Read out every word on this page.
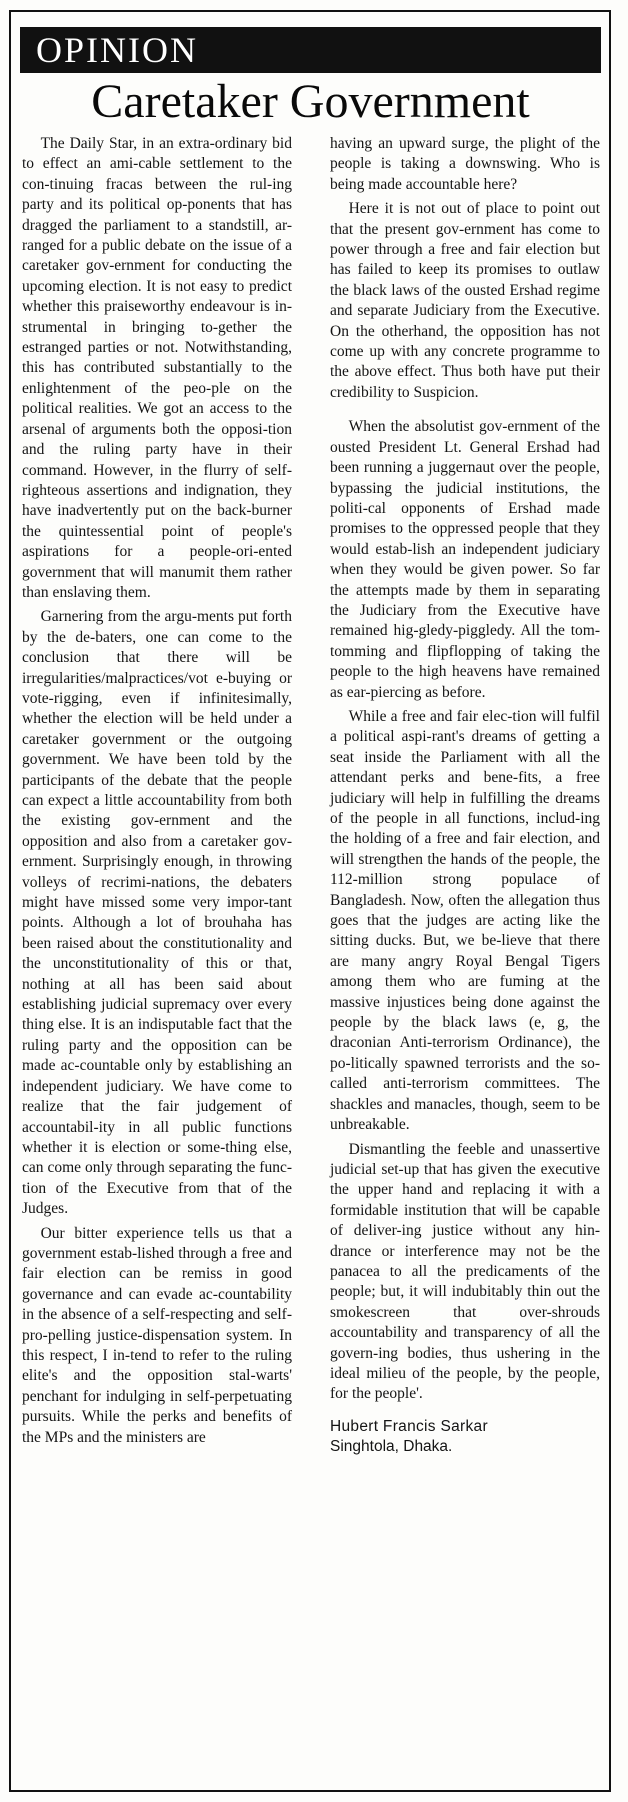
OPINION
Caretaker Government

The Daily Star, in an extra-ordinary bid to effect an ami-cable settlement to the con-tinuing fracas between the rul-ing party and its political op-ponents that has dragged the parliament to a standstill, ar-ranged for a public debate on the issue of a caretaker gov-ernment for conducting the upcoming election. It is not easy to predict whether this praiseworthy endeavour is in-strumental in bringing to-gether the estranged parties or not. Notwithstanding, this has contributed substantially to the enlightenment of the peo-ple on the political realities. We got an access to the arsenal of arguments both the opposi-tion and the ruling party have in their command. However, in the flurry of self-righteous assertions and indignation, they have inadvertently put on the back-burner the quintessential point of people's aspirations for a people-ori-ented government that will manumit them rather than enslaving them.

Garnering from the argu-ments put forth by the de-baters, one can come to the conclusion that there will be irregularities/malpractices/vot e-buying or vote-rigging, even if infinitesimally, whether the election will be held under a caretaker government or the outgoing government. We have been told by the participants of the debate that the people can expect a little accountability from both the existing gov-ernment and the opposition and also from a caretaker gov-ernment. Surprisingly enough, in throwing volleys of recrimi-nations, the debaters might have missed some very impor-tant points. Although a lot of brouhaha has been raised about the constitutionality and the unconstitutionality of this or that, nothing at all has been said about establishing judicial supremacy over every thing else. It is an indisputable fact that the ruling party and the opposition can be made ac-countable only by establishing an independent judiciary. We have come to realize that the fair judgement of accountabil-ity in all public functions whether it is election or some-thing else, can come only through separating the func-tion of the Executive from that of the Judges.

Our bitter experience tells us that a government estab-lished through a free and fair election can be remiss in good governance and can evade ac-countability in the absence of a self-respecting and self-pro-pelling justice-dispensation system. In this respect, I in-tend to refer to the ruling elite's and the opposition stal-warts' penchant for indulging in self-perpetuating pursuits. While the perks and benefits of the MPs and the ministers are

having an upward surge, the plight of the people is taking a downswing. Who is being made accountable here?

Here it is not out of place to point out that the present gov-ernment has come to power through a free and fair election but has failed to keep its promises to outlaw the black laws of the ousted Ershad regime and separate Judiciary from the Executive. On the otherhand, the opposition has not come up with any concrete programme to the above effect. Thus both have put their credibility to Suspicion.

When the absolutist gov-ernment of the ousted President Lt. General Ershad had been running a juggernaut over the people, bypassing the judicial institutions, the politi-cal opponents of Ershad made promises to the oppressed people that they would estab-lish an independent judiciary when they would be given power. So far the attempts made by them in separating the Judiciary from the Executive have remained hig-gledy-piggledy. All the tom-tomming and flipflopping of taking the people to the high heavens have remained as ear-piercing as before.

While a free and fair elec-tion will fulfil a political aspi-rant's dreams of getting a seat inside the Parliament with all the attendant perks and bene-fits, a free judiciary will help in fulfilling the dreams of the people in all functions, includ-ing the holding of a free and fair election, and will strengthen the hands of the people, the 112-million strong populace of Bangladesh. Now, often the allegation thus goes that the judges are acting like the sitting ducks. But, we be-lieve that there are many angry Royal Bengal Tigers among them who are fuming at the massive injustices being done against the people by the black laws (e, g, the draconian Anti-terrorism Ordinance), the po-litically spawned terrorists and the so-called anti-terrorism committees. The shackles and manacles, though, seem to be unbreakable.

Dismantling the feeble and unassertive judicial set-up that has given the executive the upper hand and replacing it with a formidable institution that will be capable of deliver-ing justice without any hin-drance or interference may not be the panacea to all the predicaments of the people; but, it will indubitably thin out the smokescreen that over-shrouds accountability and transparency of all the govern-ing bodies, thus ushering in the ideal milieu of the people, by the people, for the people'.

Hubert Francis Sarkar
Singhtola, Dhaka.
